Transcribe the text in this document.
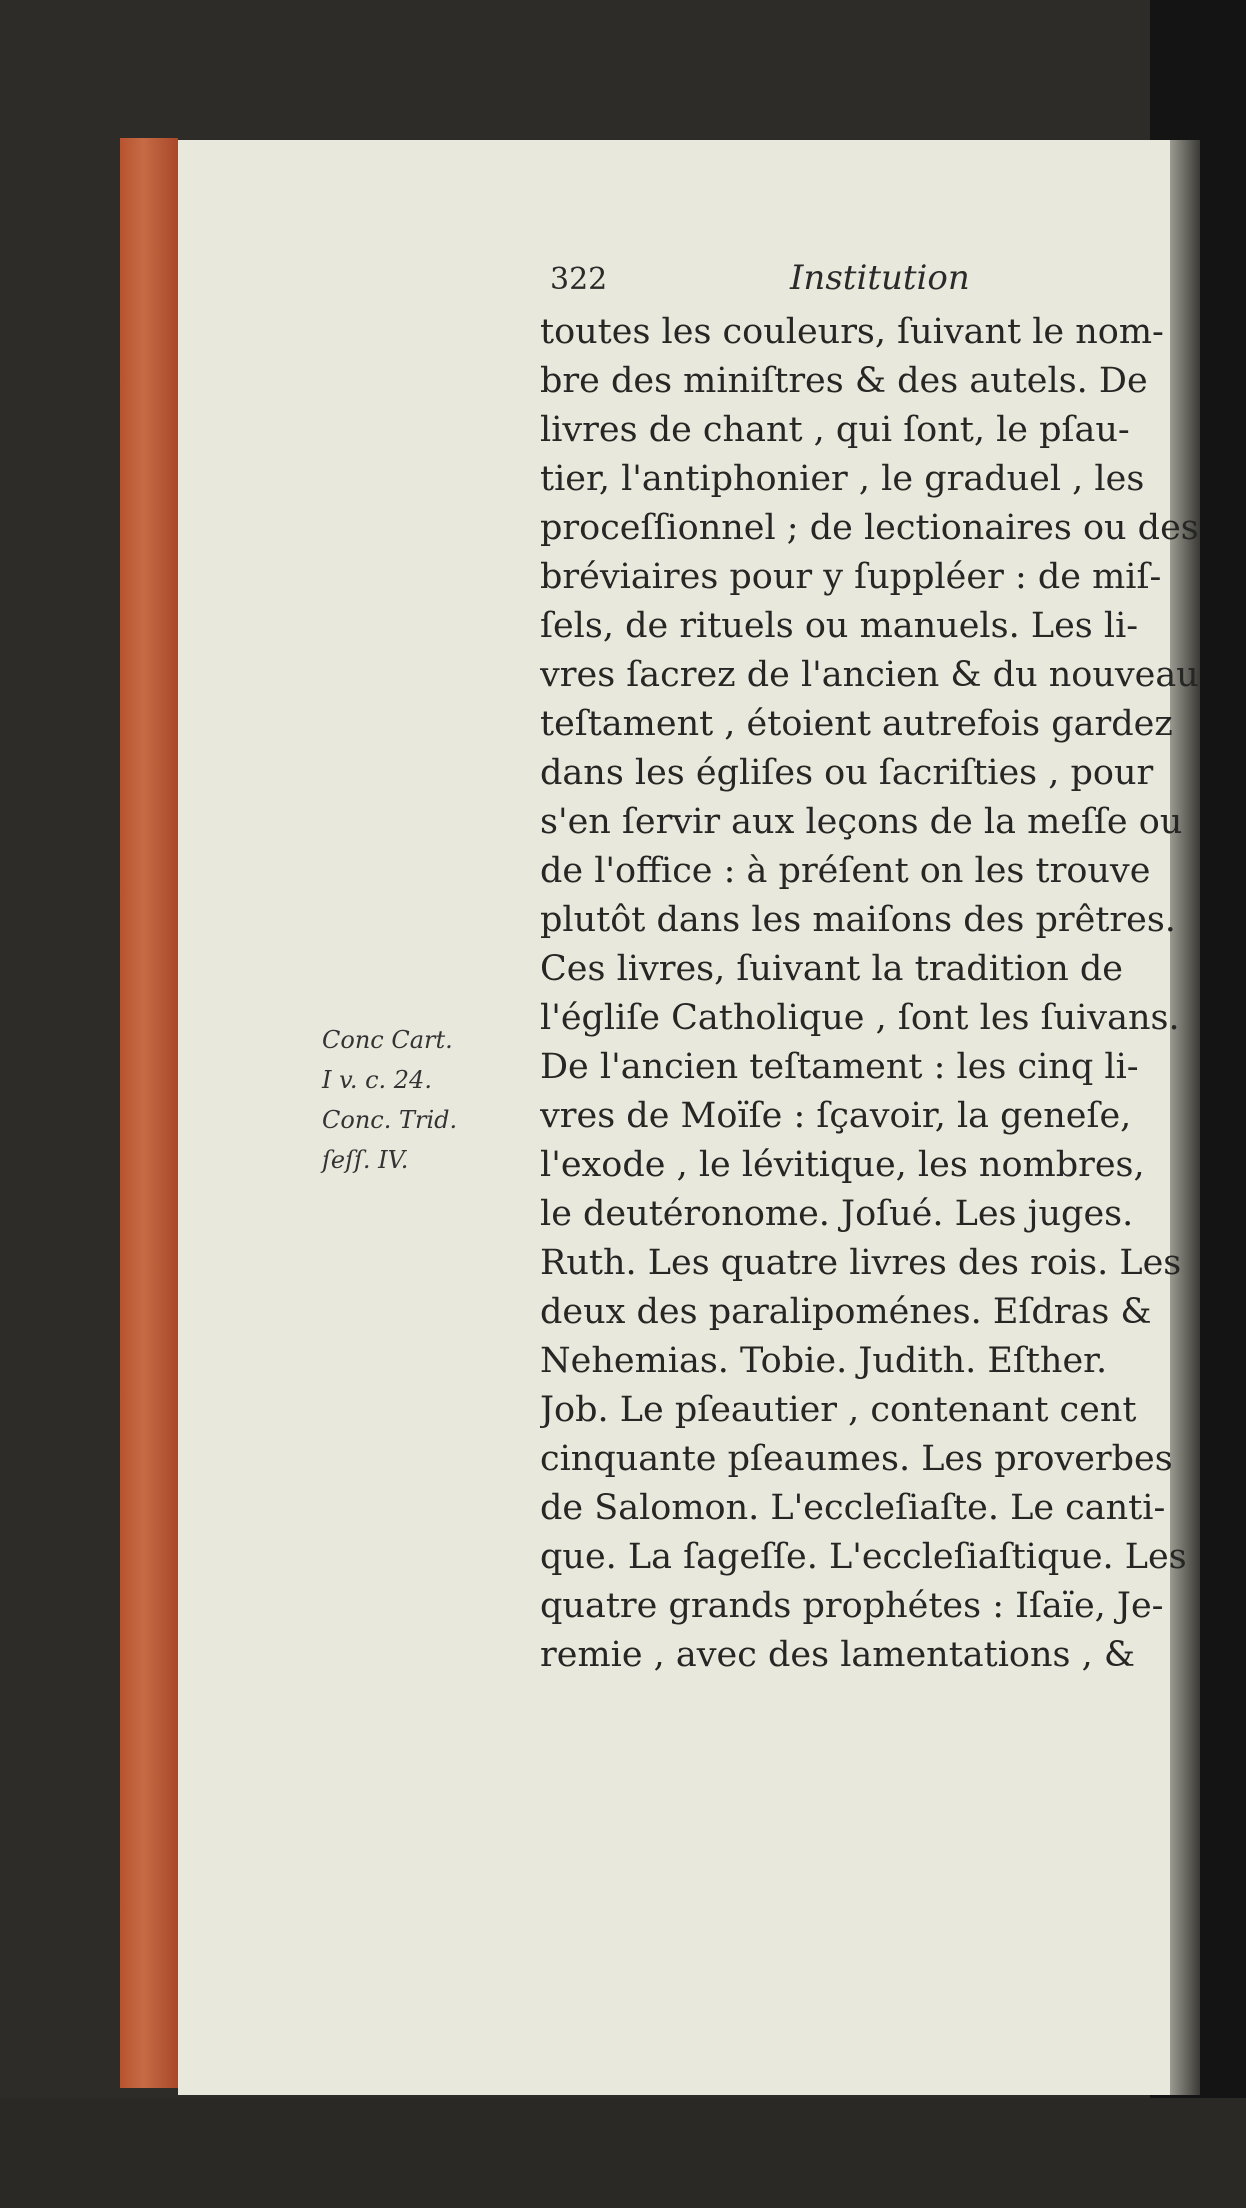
322	Institution
toutes les couleurs, ſuivant le nom-
bre des miniſtres & des autels. De
livres de chant , qui ſont, le pſau-
tier, l'antiphonier , le graduel , les
proceſſionnel ; de lectionaires ou des
bréviaires pour y ſuppléer : de miſ-
ſels, de rituels ou manuels. Les li-
vres ſacrez de l'ancien & du nouveau
teſtament , étoient autrefois gardez
dans les égliſes ou ſacriſties , pour
s'en ſervir aux leçons de la meſſe ou
de l'office : à préſent on les trouve
plutôt dans les maiſons des prêtres.
Ces livres, ſuivant la tradition de
l'égliſe Catholique , ſont les ſuivans.
De l'ancien teſtament : les cinq li-
vres de Moïſe : ſçavoir, la geneſe,
l'exode , le lévitique, les nombres,
le deutéronome. Joſué. Les juges.
Ruth. Les quatre livres des rois. Les
deux des paralipoménes. Eſdras &
Nehemias. Tobie. Judith. Eſther.
Job. Le pſeautier , contenant cent
cinquante pſeaumes. Les proverbes
de Salomon. L'eccleſiaſte. Le canti-
que. La ſageſſe. L'eccleſiaſtique. Les
quatre grands prophétes : Iſaïe, Je-
remie , avec des lamentations , &
Conc Cart.
I v. c. 24.
Conc. Trid.
ſeſſ. IV.
